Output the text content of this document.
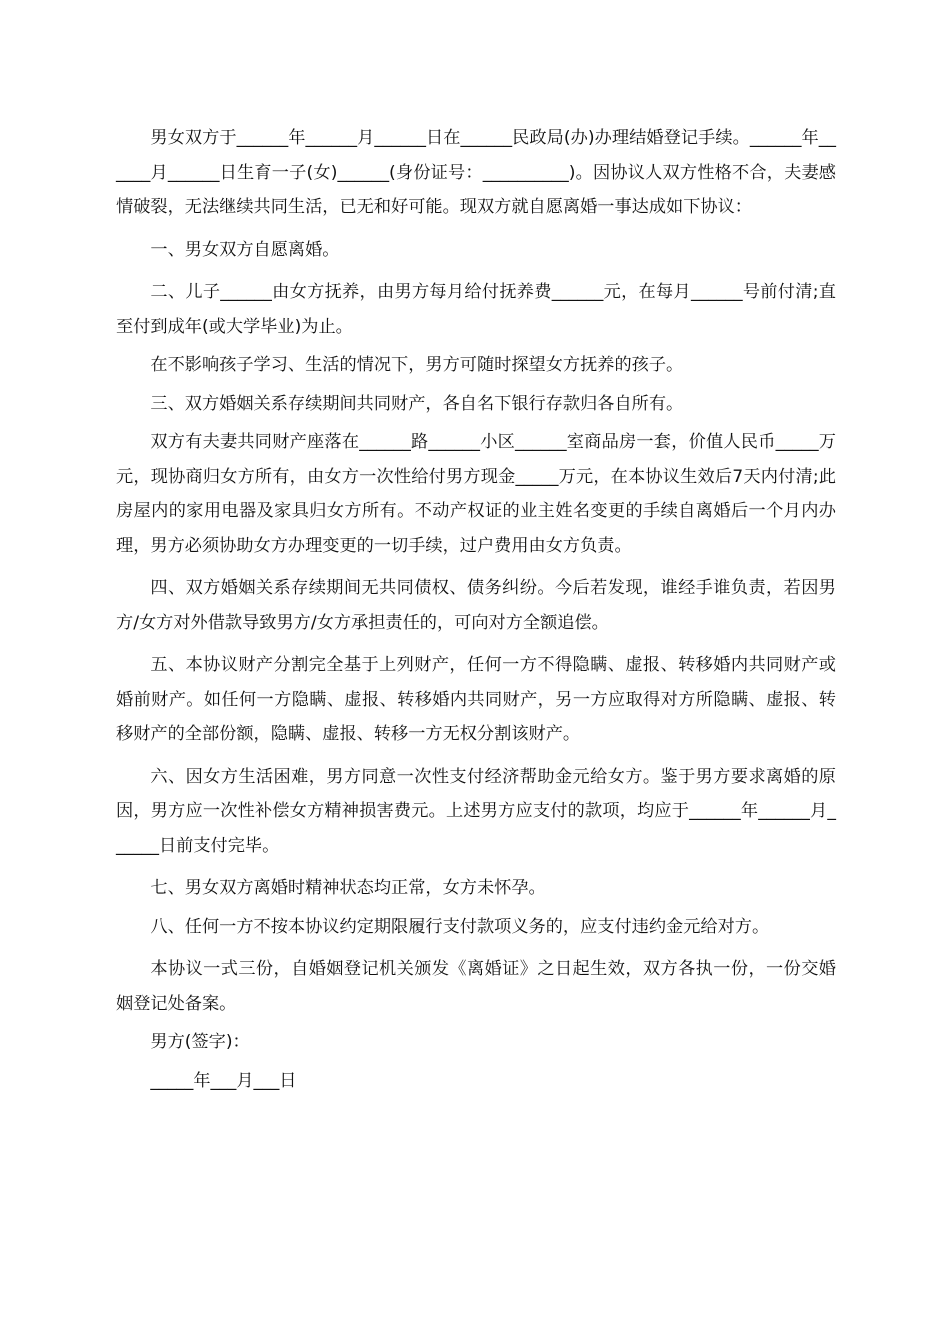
男女双方于______年______月______日在______民政局(办)办理结婚登记手续。______年______月______日生育一子(女)______(身份证号：__________)。因协议人双方性格不合，夫妻感情破裂，无法继续共同生活，已无和好可能。现双方就自愿离婚一事达成如下协议：

一、男女双方自愿离婚。

二、儿子______由女方抚养，由男方每月给付抚养费______元，在每月______号前付清;直至付到成年(或大学毕业)为止。

在不影响孩子学习、生活的情况下，男方可随时探望女方抚养的孩子。

三、双方婚姻关系存续期间共同财产，各自名下银行存款归各自所有。

双方有夫妻共同财产座落在______路______小区______室商品房一套，价值人民币_____万元，现协商归女方所有，由女方一次性给付男方现金_____万元，在本协议生效后7天内付清;此房屋内的家用电器及家具归女方所有。不动产权证的业主姓名变更的手续自离婚后一个月内办理，男方必须协助女方办理变更的一切手续，过户费用由女方负责。

四、双方婚姻关系存续期间无共同债权、债务纠纷。今后若发现，谁经手谁负责，若因男方/女方对外借款导致男方/女方承担责任的，可向对方全额追偿。

五、本协议财产分割完全基于上列财产，任何一方不得隐瞒、虚报、转移婚内共同财产或婚前财产。如任何一方隐瞒、虚报、转移婚内共同财产，另一方应取得对方所隐瞒、虚报、转移财产的全部份额，隐瞒、虚报、转移一方无权分割该财产。

六、因女方生活困难，男方同意一次性支付经济帮助金元给女方。鉴于男方要求离婚的原因，男方应一次性补偿女方精神损害费元。上述男方应支付的款项，均应于______年______月______日前支付完毕。

七、男女双方离婚时精神状态均正常，女方未怀孕。

八、任何一方不按本协议约定期限履行支付款项义务的，应支付违约金元给对方。

本协议一式三份，自婚姻登记机关颁发《离婚证》之日起生效，双方各执一份，一份交婚姻登记处备案。

男方(签字)：

_____年___月___日
